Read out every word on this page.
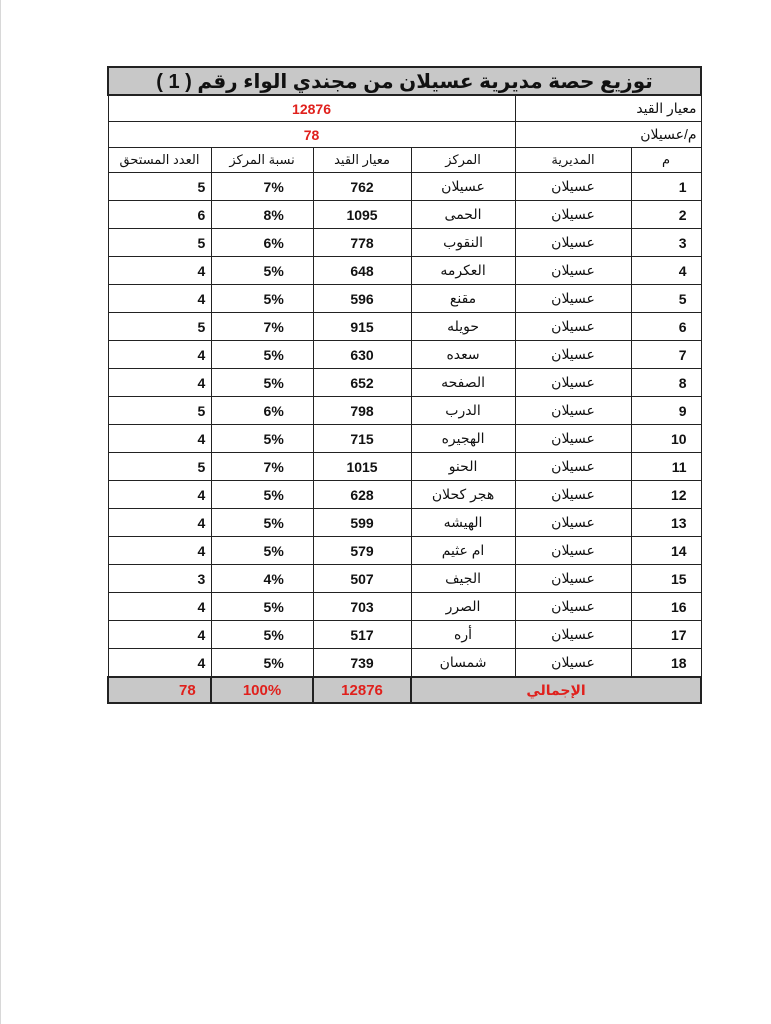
توزيع حصة مديرية عسيلان من مجندي الواء رقم ( 1 )					
معيار القيد		12876			
م/عسيلان		78			
م	المديرية	المركز	معيار القيد	نسبة المركز	العدد المستحق
1	عسيلان	عسيلان	762	7%	5
2	عسيلان	الحمى	1095	8%	6
3	عسيلان	النقوب	778	6%	5
4	عسيلان	العكرمه	648	5%	4
5	عسيلان	مقنع	596	5%	4
6	عسيلان	حويله	915	7%	5
7	عسيلان	سعده	630	5%	4
8	عسيلان	الصفحه	652	5%	4
9	عسيلان	الدرب	798	6%	5
10	عسيلان	الهجيره	715	5%	4
11	عسيلان	الحنو	1015	7%	5
12	عسيلان	هجر كحلان	628	5%	4
13	عسيلان	الهيشه	599	5%	4
14	عسيلان	ام عثيم	579	5%	4
15	عسيلان	الجيف	507	4%	3
16	عسيلان	الصرر	703	5%	4
17	عسيلان	أره	517	5%	4
18	عسيلان	شمسان	739	5%	4
الإجمالي			12876	100%	78
